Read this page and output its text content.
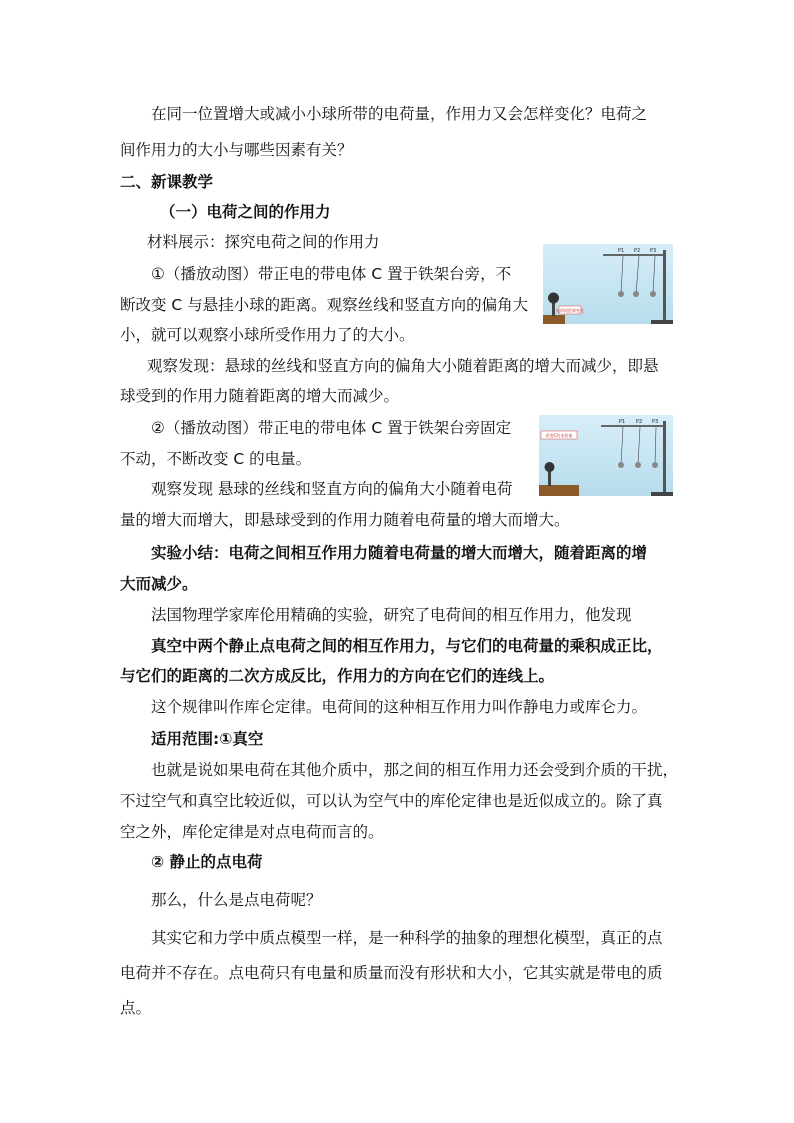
在同一位置增大或减小小球所带的电荷量，作用力又会怎样变化？电荷之
间作用力的大小与哪些因素有关？
二、新课教学
（一）电荷之间的作用力
材料展示：探究电荷之间的作用力
①（播放动图）带正电的带电体 C 置于铁架台旁，不
断改变 C 与悬挂小球的距离。观察丝线和竖直方向的偏角大
小，就可以观察小球所受作用力了的大小。
观察发现：悬球的丝线和竖直方向的偏角大小随着距离的增大而减少，即悬
球受到的作用力随着距离的增大而减少。
②（播放动图）带正电的带电体 C 置于铁架台旁固定
不动，不断改变 C 的电量。
观察发现 悬球的丝线和竖直方向的偏角大小随着电荷
量的增大而增大，即悬球受到的作用力随着电荷量的增大而增大。
实验小结：电荷之间相互作用力随着电荷量的增大而增大，随着距离的增
大而减少。
法国物理学家库伦用精确的实验，研究了电荷间的相互作用力，他发现
真空中两个静止点电荷之间的相互作用力，与它们的电荷量的乘积成正比，
与它们的距离的二次方成反比，作用力的方向在它们的连线上。
这个规律叫作库仑定律。电荷间的这种相互作用力叫作静电力或库仑力。
适用范围:①真空
也就是说如果电荷在其他介质中，那之间的相互作用力还会受到介质的干扰，
不过空气和真空比较近似，可以认为空气中的库伦定律也是近似成立的。除了真
空之外，库伦定律是对点电荷而言的。
② 静止的点电荷
那么，什么是点电荷呢？
其实它和力学中质点模型一样，是一种科学的抽象的理想化模型，真正的点
电荷并不存在。点电荷只有电量和质量而没有形状和大小，它其实就是带电的质
点。
电荷间距离变化
P1 P2 P3
改变C的电荷量
P1 P2 P3
